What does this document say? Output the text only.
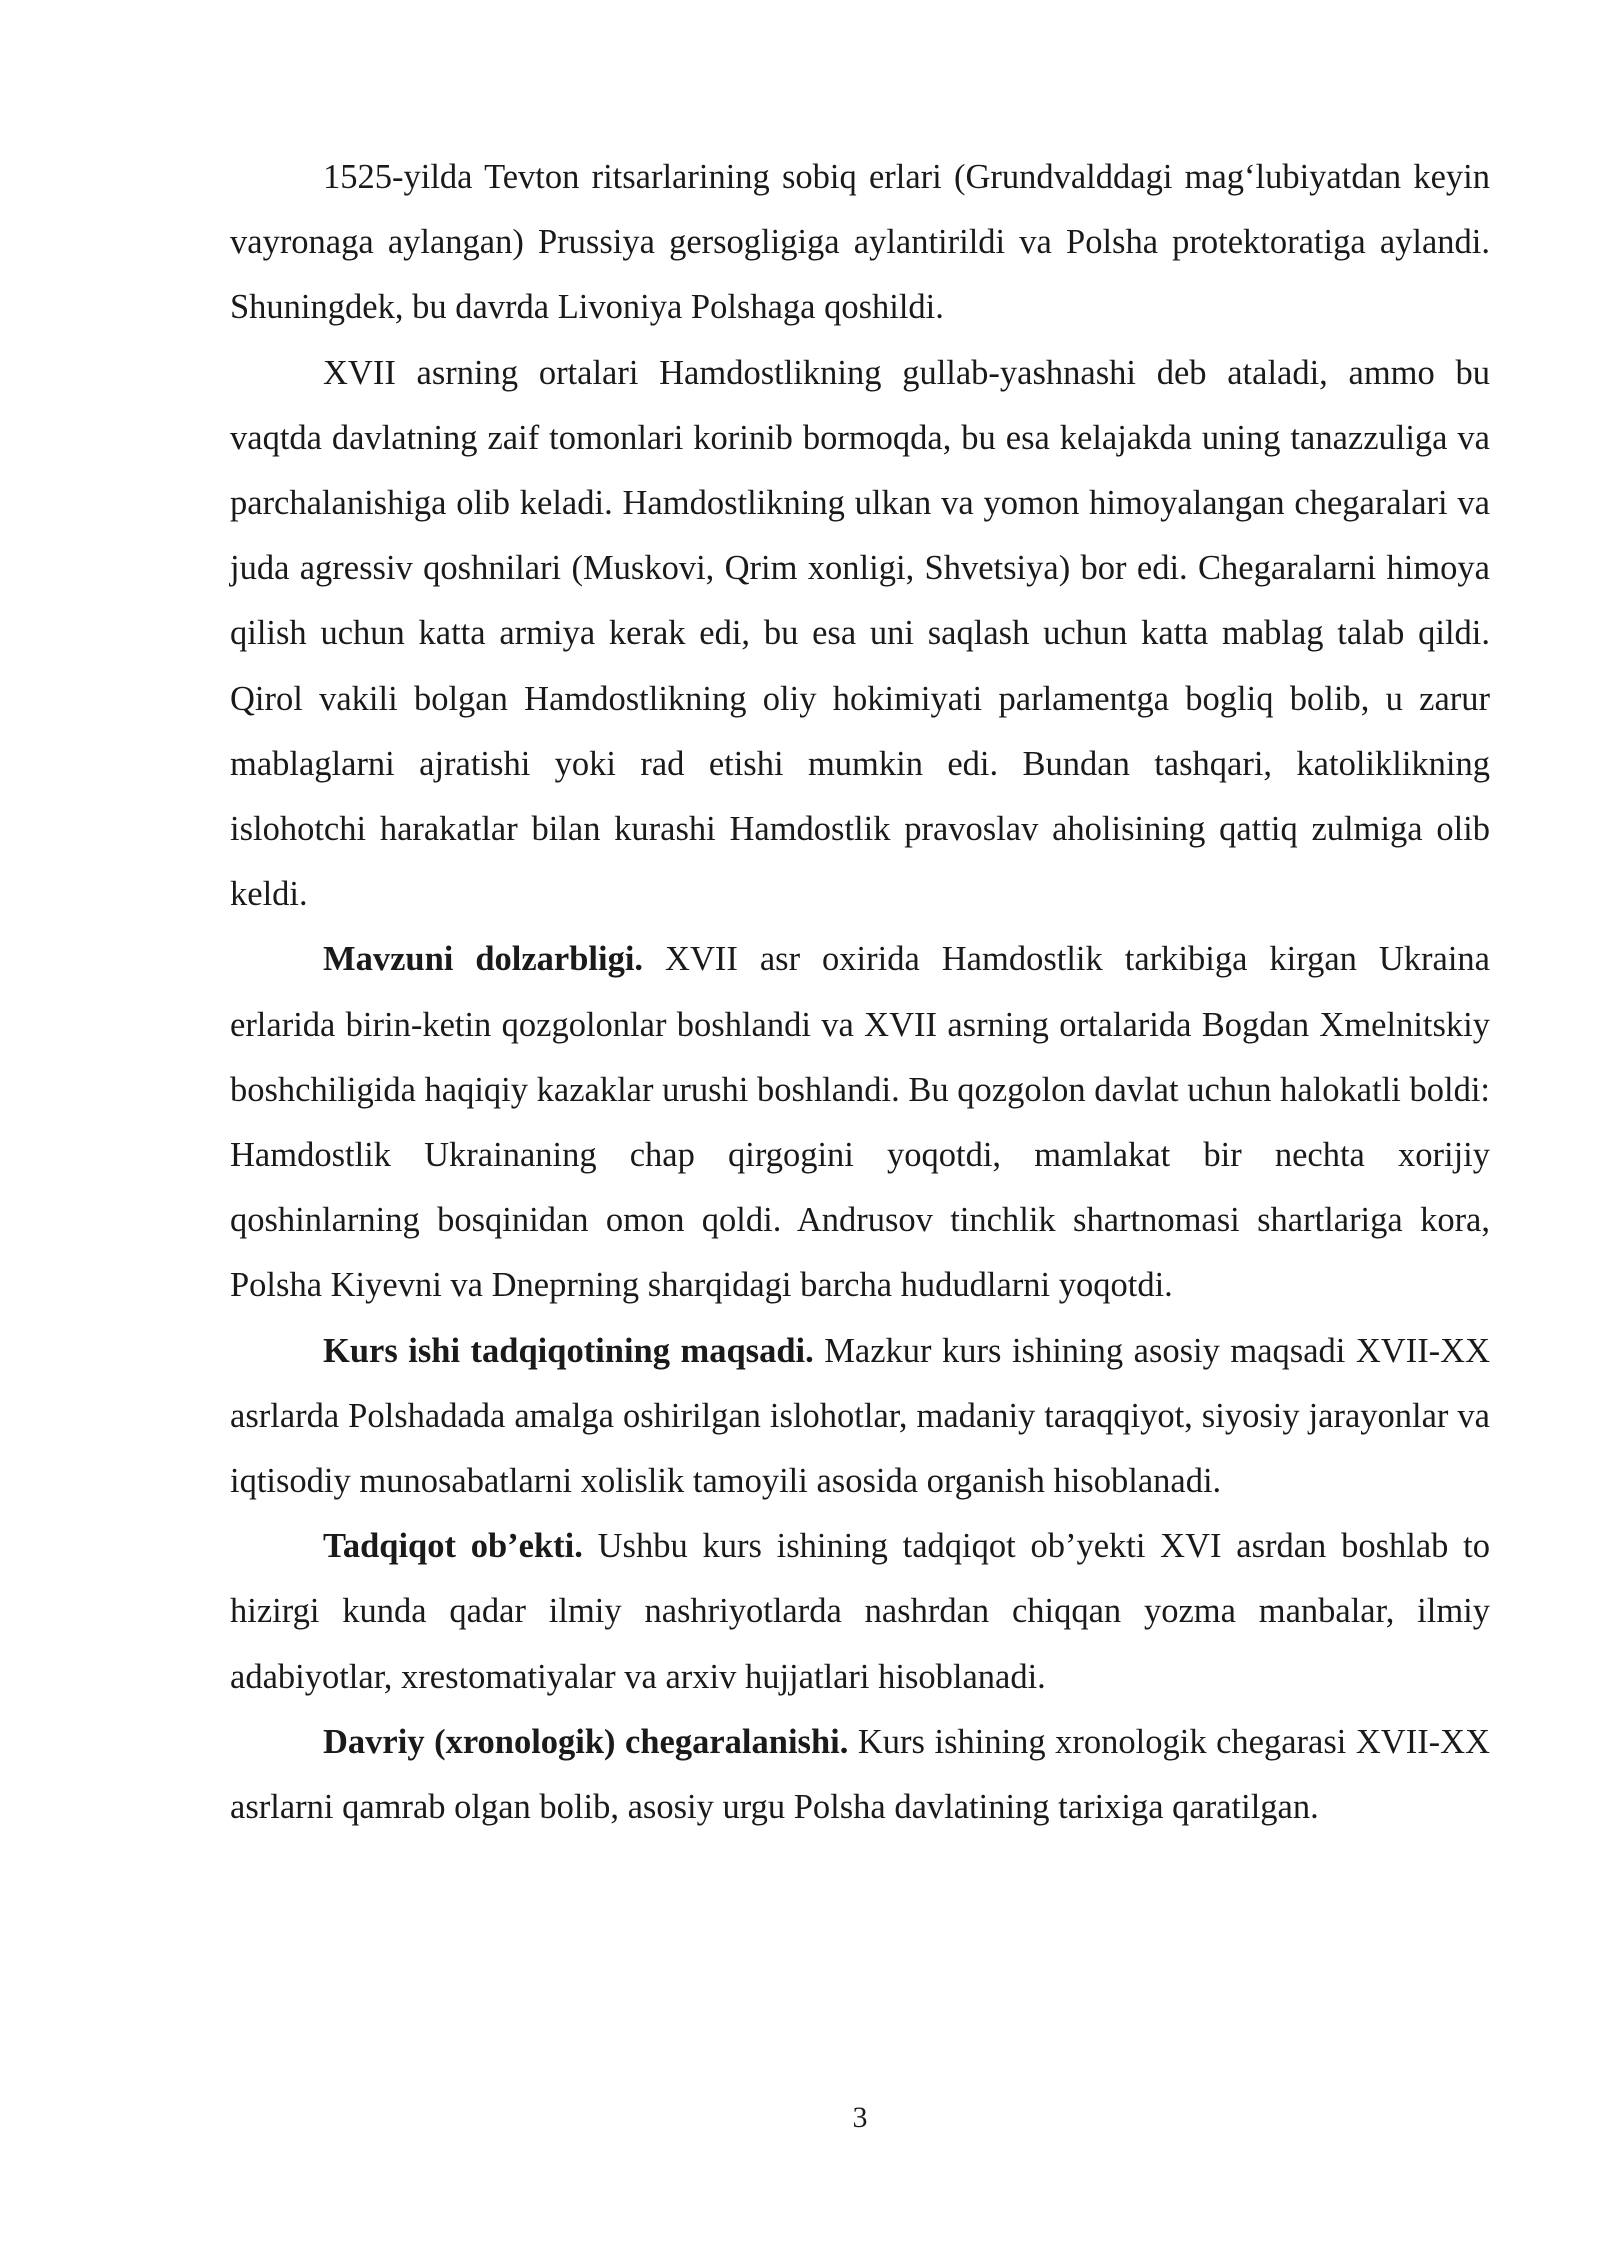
1525-yilda Tevton ritsarlarining sobiq erlari (Grundvalddagi mag‘lubiyatdan keyin vayronaga aylangan) Prussiya gersogligiga aylantirildi va Polsha protektoratiga aylandi. Shuningdek, bu davrda Livoniya Polshaga qoshildi.

XVII asrning ortalari Hamdostlikning gullab-yashnashi deb ataladi, ammo bu vaqtda davlatning zaif tomonlari korinib bormoqda, bu esa kelajakda uning tanazzuliga va parchalanishiga olib keladi. Hamdostlikning ulkan va yomon himoyalangan chegaralari va juda agressiv qoshnilari (Muskovi, Qrim xonligi, Shvetsiya) bor edi. Chegaralarni himoya qilish uchun katta armiya kerak edi, bu esa uni saqlash uchun katta mablag talab qildi. Qirol vakili bolgan Hamdostlikning oliy hokimiyati parlamentga bogliq bolib, u zarur mablaglarni ajratishi yoki rad etishi mumkin edi. Bundan tashqari, katoliklikning islohotchi harakatlar bilan kurashi Hamdostlik pravoslav aholisining qattiq zulmiga olib keldi.

Mavzuni dolzarbligi. XVII asr oxirida Hamdostlik tarkibiga kirgan Ukraina erlarida birin-ketin qozgolonlar boshlandi va XVII asrning ortalarida Bogdan Xmelnitskiy boshchiligida haqiqiy kazaklar urushi boshlandi. Bu qozgolon davlat uchun halokatli boldi: Hamdostlik Ukrainaning chap qirgogini yoqotdi, mamlakat bir nechta xorijiy qoshinlarning bosqinidan omon qoldi. Andrusov tinchlik shartnomasi shartlariga kora, Polsha Kiyevni va Dneprning sharqidagi barcha hududlarni yoqotdi.

Kurs ishi tadqiqotining maqsadi. Mazkur kurs ishining asosiy maqsadi XVII-XX asrlarda Polshadada amalga oshirilgan islohotlar, madaniy taraqqiyot, siyosiy jarayonlar va iqtisodiy munosabatlarni xolislik tamoyili asosida organish hisoblanadi.

Tadqiqot ob’ekti. Ushbu kurs ishining tadqiqot ob’yekti XVI asrdan boshlab to hizirgi kunda qadar ilmiy nashriyotlarda nashrdan chiqqan yozma manbalar, ilmiy adabiyotlar, xrestomatiyalar va arxiv hujjatlari hisoblanadi.

Davriy (xronologik) chegaralanishi. Kurs ishining xronologik chegarasi XVII-XX asrlarni qamrab olgan bolib, asosiy urgu Polsha davlatining tarixiga qaratilgan.

3
